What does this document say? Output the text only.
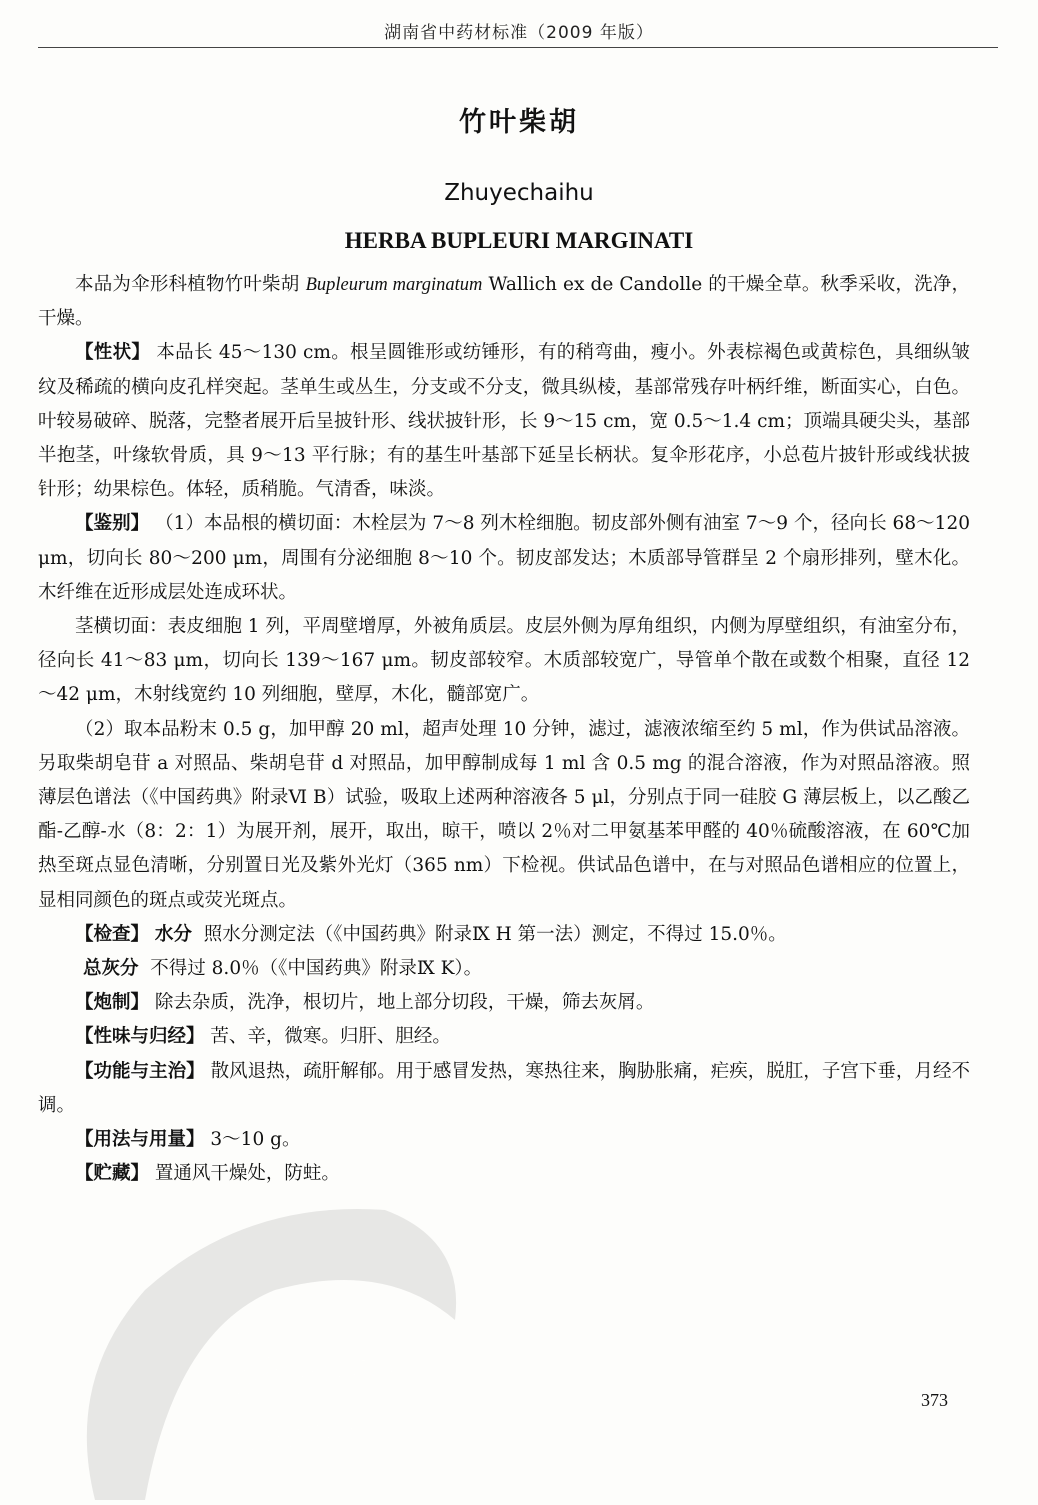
湖南省中药材标准（2009 年版）
竹叶柴胡
Zhuyechaihu
HERBA BUPLEURI MARGINATI

本品为伞形科植物竹叶柴胡 Bupleurum marginatum Wallich ex de Candolle 的干燥全草。秋季采收，洗净，干燥。

【性状】 本品长 45～130 cm。根呈圆锥形或纺锤形，有的稍弯曲，瘦小。外表棕褐色或黄棕色，具细纵皱纹及稀疏的横向皮孔样突起。茎单生或丛生，分支或不分支，微具纵棱，基部常残存叶柄纤维，断面实心，白色。叶较易破碎、脱落，完整者展开后呈披针形、线状披针形，长 9～15 cm，宽 0.5～1.4 cm；顶端具硬尖头，基部半抱茎，叶缘软骨质，具 9～13 平行脉；有的基生叶基部下延呈长柄状。复伞形花序，小总苞片披针形或线状披针形；幼果棕色。体轻，质稍脆。气清香，味淡。

【鉴别】 （1）本品根的横切面：木栓层为 7～8 列木栓细胞。韧皮部外侧有油室 7～9 个，径向长 68～120 μm，切向长 80～200 μm，周围有分泌细胞 8～10 个。韧皮部发达；木质部导管群呈 2 个扇形排列，壁木化。木纤维在近形成层处连成环状。

茎横切面：表皮细胞 1 列，平周壁增厚，外被角质层。皮层外侧为厚角组织，内侧为厚壁组织，有油室分布，径向长 41～83 μm，切向长 139～167 μm。韧皮部较窄。木质部较宽广，导管单个散在或数个相聚，直径 12～42 μm，木射线宽约 10 列细胞，壁厚，木化，髓部宽广。

（2）取本品粉末 0.5 g，加甲醇 20 ml，超声处理 10 分钟，滤过，滤液浓缩至约 5 ml，作为供试品溶液。另取柴胡皂苷 a 对照品、柴胡皂苷 d 对照品，加甲醇制成每 1 ml 含 0.5 mg 的混合溶液，作为对照品溶液。照薄层色谱法（《中国药典》附录Ⅵ B）试验，吸取上述两种溶液各 5 μl，分别点于同一硅胶 G 薄层板上，以乙酸乙酯-乙醇-水（8：2：1）为展开剂，展开，取出，晾干，喷以 2％对二甲氨基苯甲醛的 40％硫酸溶液，在 60℃加热至斑点显色清晰，分别置日光及紫外光灯（365 nm）下检视。供试品色谱中，在与对照品色谱相应的位置上，显相同颜色的斑点或荧光斑点。

【检查】 水分 照水分测定法（《中国药典》附录Ⅸ H 第一法）测定，不得过 15.0％。

总灰分 不得过 8.0％（《中国药典》附录Ⅸ K）。

【炮制】 除去杂质，洗净，根切片，地上部分切段，干燥，筛去灰屑。

【性味与归经】 苦、辛，微寒。归肝、胆经。

【功能与主治】 散风退热，疏肝解郁。用于感冒发热，寒热往来，胸胁胀痛，疟疾，脱肛，子宫下垂，月经不调。

【用法与用量】 3～10 g。

【贮藏】 置通风干燥处，防蛀。

373
